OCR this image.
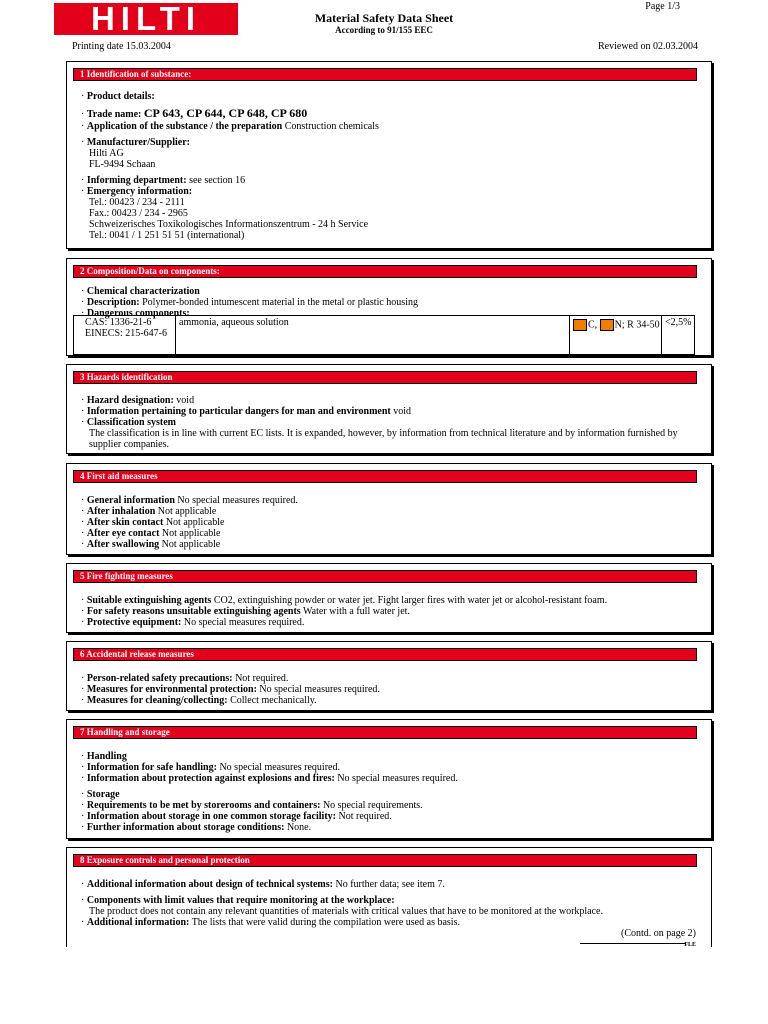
HILTI	Material Safety Data Sheet
According to 91/155 EEC
Page 1/3
Printing date 15.03.2004	Reviewed on 02.03.2004
1 Identification of substance:
· Product details:
· Trade name: CP 643, CP 644, CP 648, CP 680
· Application of the substance / the preparation Construction chemicals
· Manufacturer/Supplier:
Hilti AG
FL-9494 Schaan
· Informing department: see section 16
· Emergency information:
Tel.: 00423 / 234 - 2111
Fax.: 00423 / 234 - 2965
Schweizerisches Toxikologisches Informationszentrum - 24 h Service
Tel.: 0041 / 1 251 51 51 (international)
2 Composition/Data on components:
· Chemical characterization
· Description: Polymer-bonded intumescent material in the metal or plastic housing
· Dangerous components:
CAS: 1336-21-6
EINECS: 215-647-6
ammonia, aqueous solution	C, N; R 34-50 <2,5%
3 Hazards identification
· Hazard designation: void
· Information pertaining to particular dangers for man and environment void
· Classification system
The classification is in line with current EC lists. It is expanded, however, by information from technical literature and by information furnished by
supplier companies.
4 First aid measures
· General information No special measures required.
· After inhalation Not applicable
· After skin contact Not applicable
· After eye contact Not applicable
· After swallowing Not applicable
5 Fire fighting measures
· Suitable extinguishing agents CO2, extinguishing powder or water jet. Fight larger fires with water jet or alcohol-resistant foam.
· For safety reasons unsuitable extinguishing agents Water with a full water jet.
· Protective equipment: No special measures required.
6 Accidental release measures
· Person-related safety precautions: Not required.
· Measures for environmental protection: No special measures required.
· Measures for cleaning/collecting: Collect mechanically.
7 Handling and storage
· Handling
· Information for safe handling: No special measures required.
· Information about protection against explosions and fires: No special measures required.
· Storage
· Requirements to be met by storerooms and containers: No special requirements.
· Information about storage in one common storage facility: Not required.
· Further information about storage conditions: None.
8 Exposure controls and personal protection
· Additional information about design of technical systems: No further data; see item 7.
· Components with limit values that require monitoring at the workplace:
The product does not contain any relevant quantities of materials with critical values that have to be monitored at the workplace.
· Additional information: The lists that were valid during the compilation were used as basis.
(Contd. on page 2)
FLE
